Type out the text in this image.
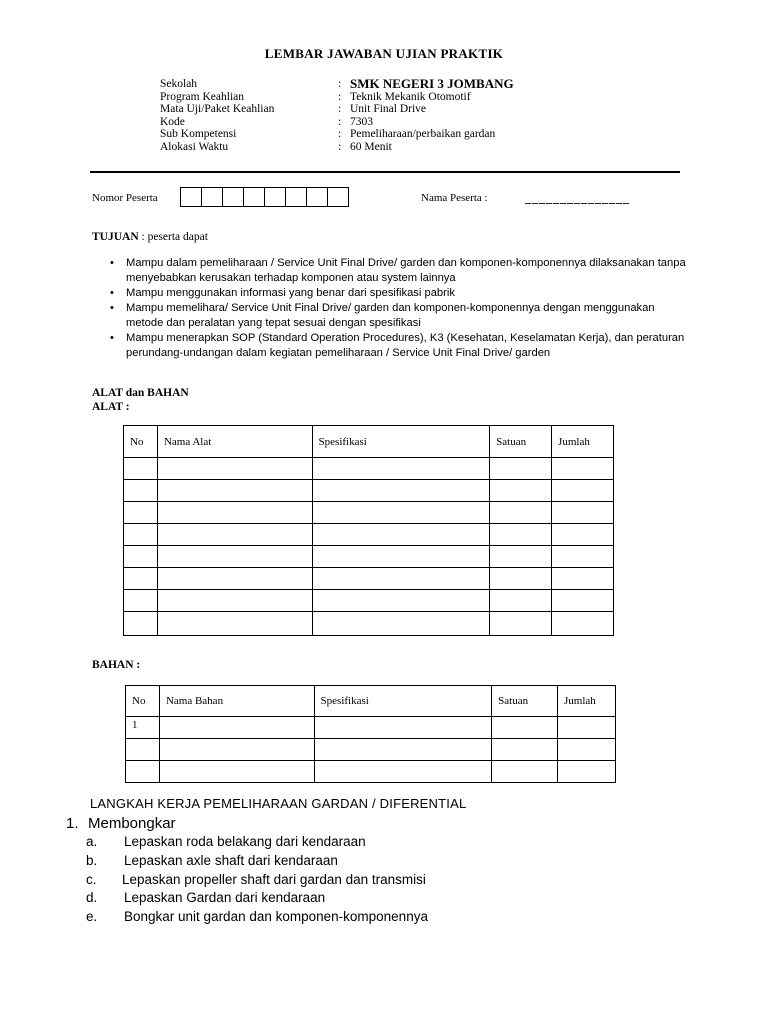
LEMBAR JAWABAN UJIAN PRAKTIK
Sekolah	: SMK NEGERI 3 JOMBANG
Program Keahlian	: Teknik Mekanik Otomotif
Mata Uji/Paket Keahlian	: Unit Final Drive
Kode	: 7303
Sub Kompetensi	: Pemeliharaan/perbaikan gardan
Alokasi Waktu	: 60 Menit
Nomor Peserta	Nama Peserta :	_______________
TUJUAN : peserta dapat
•	Mampu dalam pemeliharaan / Service Unit Final Drive/ garden dan komponen-komponennya dilaksanakan tanpa menyebabkan kerusakan terhadap komponen atau system lainnya
•	Mampu menggunakan informasi yang benar dari spesifikasi pabrik
•	Mampu memelihara/ Service Unit Final Drive/ garden dan komponen-komponennya dengan menggunakan metode dan peralatan yang tepat sesuai dengan spesifikasi
•	Mampu menerapkan SOP (Standard Operation Procedures), K3 (Kesehatan, Keselamatan Kerja), dan peraturan perundang-undangan dalam kegiatan pemeliharaan / Service Unit Final Drive/ garden
ALAT dan BAHAN
ALAT :
No	Nama Alat	Spesifikasi	Satuan	Jumlah

BAHAN :
No	Nama Bahan	Spesifikasi	Satuan	Jumlah
1				

LANGKAH KERJA PEMELIHARAAN GARDAN / DIFERENTIAL
1. Membongkar
a.	Lepaskan roda belakang dari kendaraan
b.	Lepaskan axle shaft dari kendaraan
c.	Lepaskan propeller shaft dari gardan dan transmisi
d.	Lepaskan Gardan dari kendaraan
e.	Bongkar unit gardan dan komponen-komponennya
